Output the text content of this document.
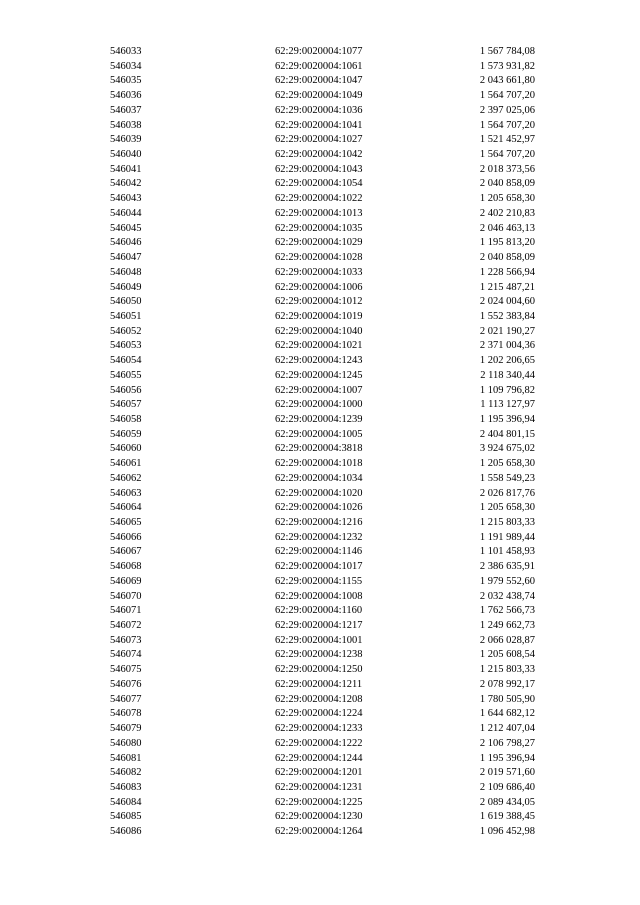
546033	62:29:0020004:1077	1 567 784,08
546034	62:29:0020004:1061	1 573 931,82
546035	62:29:0020004:1047	2 043 661,80
546036	62:29:0020004:1049	1 564 707,20
546037	62:29:0020004:1036	2 397 025,06
546038	62:29:0020004:1041	1 564 707,20
546039	62:29:0020004:1027	1 521 452,97
546040	62:29:0020004:1042	1 564 707,20
546041	62:29:0020004:1043	2 018 373,56
546042	62:29:0020004:1054	2 040 858,09
546043	62:29:0020004:1022	1 205 658,30
546044	62:29:0020004:1013	2 402 210,83
546045	62:29:0020004:1035	2 046 463,13
546046	62:29:0020004:1029	1 195 813,20
546047	62:29:0020004:1028	2 040 858,09
546048	62:29:0020004:1033	1 228 566,94
546049	62:29:0020004:1006	1 215 487,21
546050	62:29:0020004:1012	2 024 004,60
546051	62:29:0020004:1019	1 552 383,84
546052	62:29:0020004:1040	2 021 190,27
546053	62:29:0020004:1021	2 371 004,36
546054	62:29:0020004:1243	1 202 206,65
546055	62:29:0020004:1245	2 118 340,44
546056	62:29:0020004:1007	1 109 796,82
546057	62:29:0020004:1000	1 113 127,97
546058	62:29:0020004:1239	1 195 396,94
546059	62:29:0020004:1005	2 404 801,15
546060	62:29:0020004:3818	3 924 675,02
546061	62:29:0020004:1018	1 205 658,30
546062	62:29:0020004:1034	1 558 549,23
546063	62:29:0020004:1020	2 026 817,76
546064	62:29:0020004:1026	1 205 658,30
546065	62:29:0020004:1216	1 215 803,33
546066	62:29:0020004:1232	1 191 989,44
546067	62:29:0020004:1146	1 101 458,93
546068	62:29:0020004:1017	2 386 635,91
546069	62:29:0020004:1155	1 979 552,60
546070	62:29:0020004:1008	2 032 438,74
546071	62:29:0020004:1160	1 762 566,73
546072	62:29:0020004:1217	1 249 662,73
546073	62:29:0020004:1001	2 066 028,87
546074	62:29:0020004:1238	1 205 608,54
546075	62:29:0020004:1250	1 215 803,33
546076	62:29:0020004:1211	2 078 992,17
546077	62:29:0020004:1208	1 780 505,90
546078	62:29:0020004:1224	1 644 682,12
546079	62:29:0020004:1233	1 212 407,04
546080	62:29:0020004:1222	2 106 798,27
546081	62:29:0020004:1244	1 195 396,94
546082	62:29:0020004:1201	2 019 571,60
546083	62:29:0020004:1231	2 109 686,40
546084	62:29:0020004:1225	2 089 434,05
546085	62:29:0020004:1230	1 619 388,45
546086	62:29:0020004:1264	1 096 452,98
